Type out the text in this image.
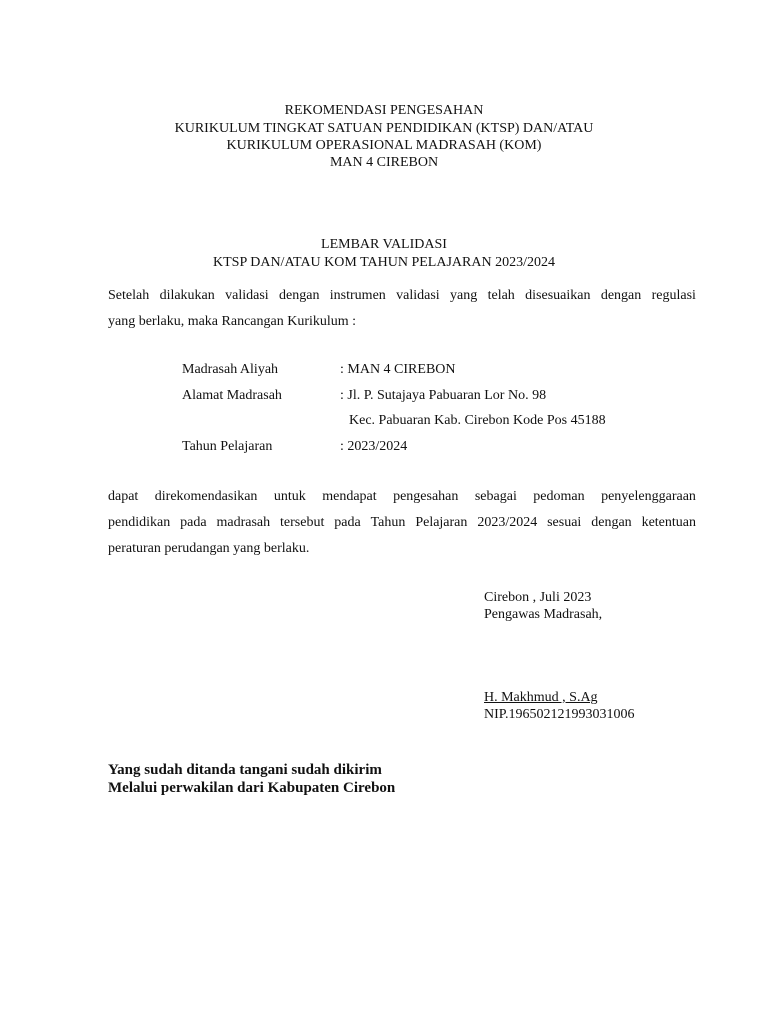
REKOMENDASI PENGESAHAN
KURIKULUM TINGKAT SATUAN PENDIDIKAN (KTSP) DAN/ATAU
KURIKULUM OPERASIONAL MADRASAH (KOM)
MAN 4 CIREBON
LEMBAR VALIDASI
KTSP DAN/ATAU KOM TAHUN PELAJARAN 2023/2024
Setelah dilakukan validasi dengan instrumen validasi yang telah disesuaikan dengan regulasi
yang berlaku, maka Rancangan Kurikulum :
Madrasah Aliyah	: MAN 4 CIREBON
Alamat Madrasah	: Jl. P. Sutajaya Pabuaran Lor No. 98
Kec. Pabuaran Kab. Cirebon Kode Pos 45188
Tahun Pelajaran	: 2023/2024
dapat direkomendasikan untuk mendapat pengesahan sebagai pedoman penyelenggaraan
pendidikan pada madrasah tersebut pada Tahun Pelajaran 2023/2024 sesuai dengan ketentuan
peraturan perudangan yang berlaku.
Cirebon , Juli 2023
Pengawas Madrasah,
H. Makhmud , S.Ag
NIP.196502121993031006
Yang sudah ditanda tangani sudah dikirim
Melalui perwakilan dari Kabupaten Cirebon
